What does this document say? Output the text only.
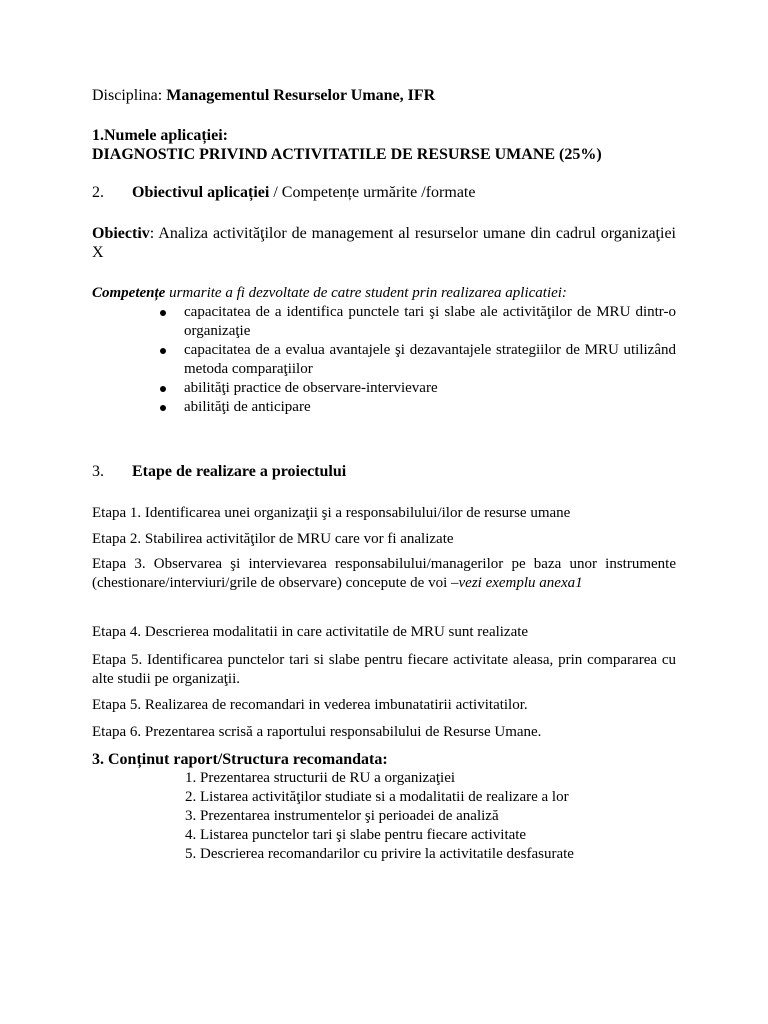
Disciplina: Managementul Resurselor Umane, IFR

1.Numele aplicației:

DIAGNOSTIC PRIVIND ACTIVITATILE DE RESURSE UMANE (25%)

2. Obiectivul aplicației / Competențe urmărite /formate

Obiectiv: Analiza activităţilor de management al resurselor umane din cadrul organizaţiei X

Competențe urmarite a fi dezvoltate de catre student prin realizarea aplicatiei:

capacitatea de a identifica punctele tari şi slabe ale activităţilor de MRU dintr-o organizaţie
capacitatea de a evalua avantajele şi dezavantajele strategiilor de MRU utilizând metoda comparaţiilor
abilităţi practice de observare-intervievare
abilităţi de anticipare

3. Etape de realizare a proiectului

Etapa 1. Identificarea unei organizaţii şi a responsabilului/ilor de resurse umane

Etapa 2. Stabilirea activităţilor de MRU care vor fi analizate

Etapa 3. Observarea şi intervievarea responsabilului/managerilor pe baza unor instrumente (chestionare/interviuri/grile de observare) concepute de voi –vezi exemplu anexa1

Etapa 4. Descrierea modalitatii in care activitatile de MRU sunt realizate

Etapa 5. Identificarea punctelor tari si slabe pentru fiecare activitate aleasa, prin compararea cu alte studii pe organizaţii.

Etapa 5. Realizarea de recomandari in vederea imbunatatirii activitatilor.

Etapa 6. Prezentarea scrisă a raportului responsabilului de Resurse Umane.

3. Conținut raport/Structura recomandata:

1. Prezentarea structurii de RU a organizaţiei
2. Listarea activităţilor studiate si a modalitatii de realizare a lor
3. Prezentarea instrumentelor şi perioadei de analiză
4. Listarea punctelor tari şi slabe pentru fiecare activitate
5. Descrierea recomandarilor cu privire la activitatile desfasurate
